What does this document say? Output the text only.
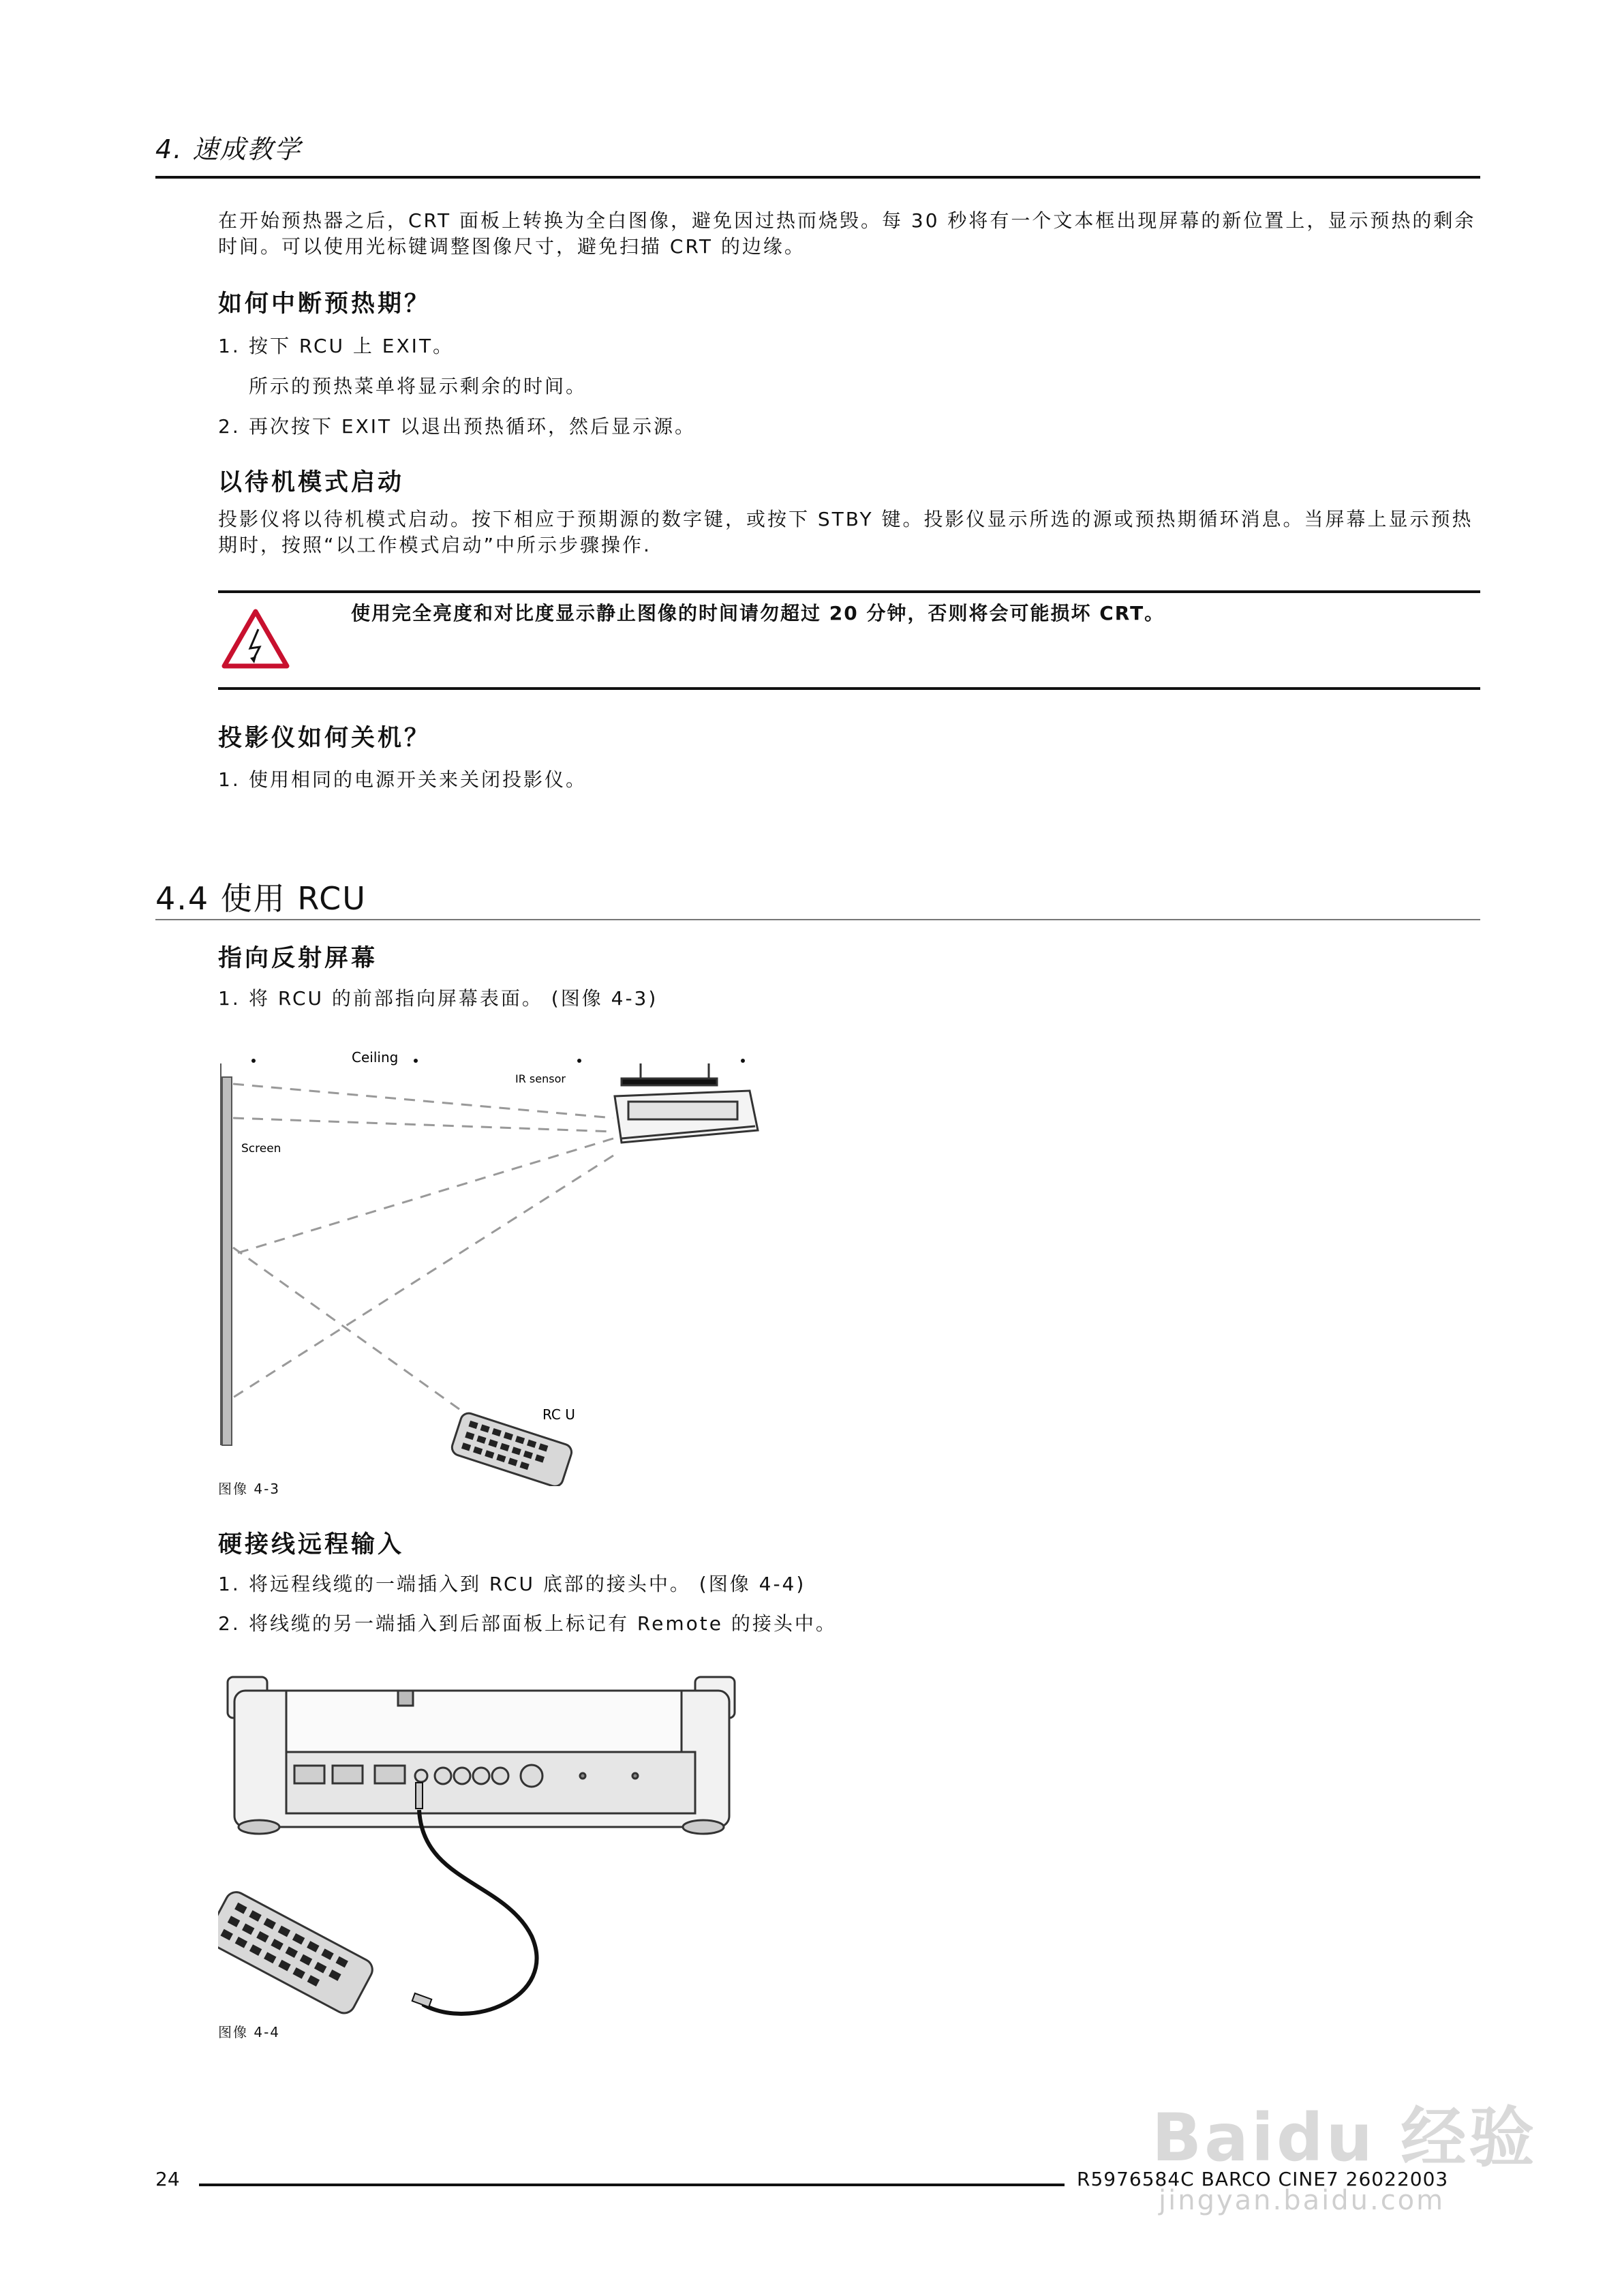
4. 速成教学
在开始预热器之后，CRT 面板上转换为全白图像，避免因过热而烧毁。每 30 秒将有一个文本框出现屏幕的新位置上，显示预热的剩余时间。可以使用光标键调整图像尺寸，避免扫描 CRT 的边缘。
如何中断预热期？
1. 按下 RCU 上 EXIT。
所示的预热菜单将显示剩余的时间。
2. 再次按下 EXIT 以退出预热循环，然后显示源。
以待机模式启动
投影仪将以待机模式启动。按下相应于预期源的数字键，或按下 STBY 键。投影仪显示所选的源或预热期循环消息。当屏幕上显示预热期时，按照“以工作模式启动”中所示步骤操作.
使用完全亮度和对比度显示静止图像的时间请勿超过 20 分钟，否则将会可能损坏 CRT。
投影仪如何关机？
1. 使用相同的电源开关来关闭投影仪。
4.4 使用 RCU
指向反射屏幕
1. 将 RCU 的前部指向屏幕表面。 (图像 4-3)
Ceiling
IR sensor
Screen
RC U
图像 4-3
硬接线远程输入
1. 将远程线缆的一端插入到 RCU 底部的接头中。 (图像 4-4)
2. 将线缆的另一端插入到后部面板上标记有 Remote 的接头中。
图像 4-4
Baidu 经验
jingyan.baidu.com
24	R5976584C BARCO CINE7 26022003
